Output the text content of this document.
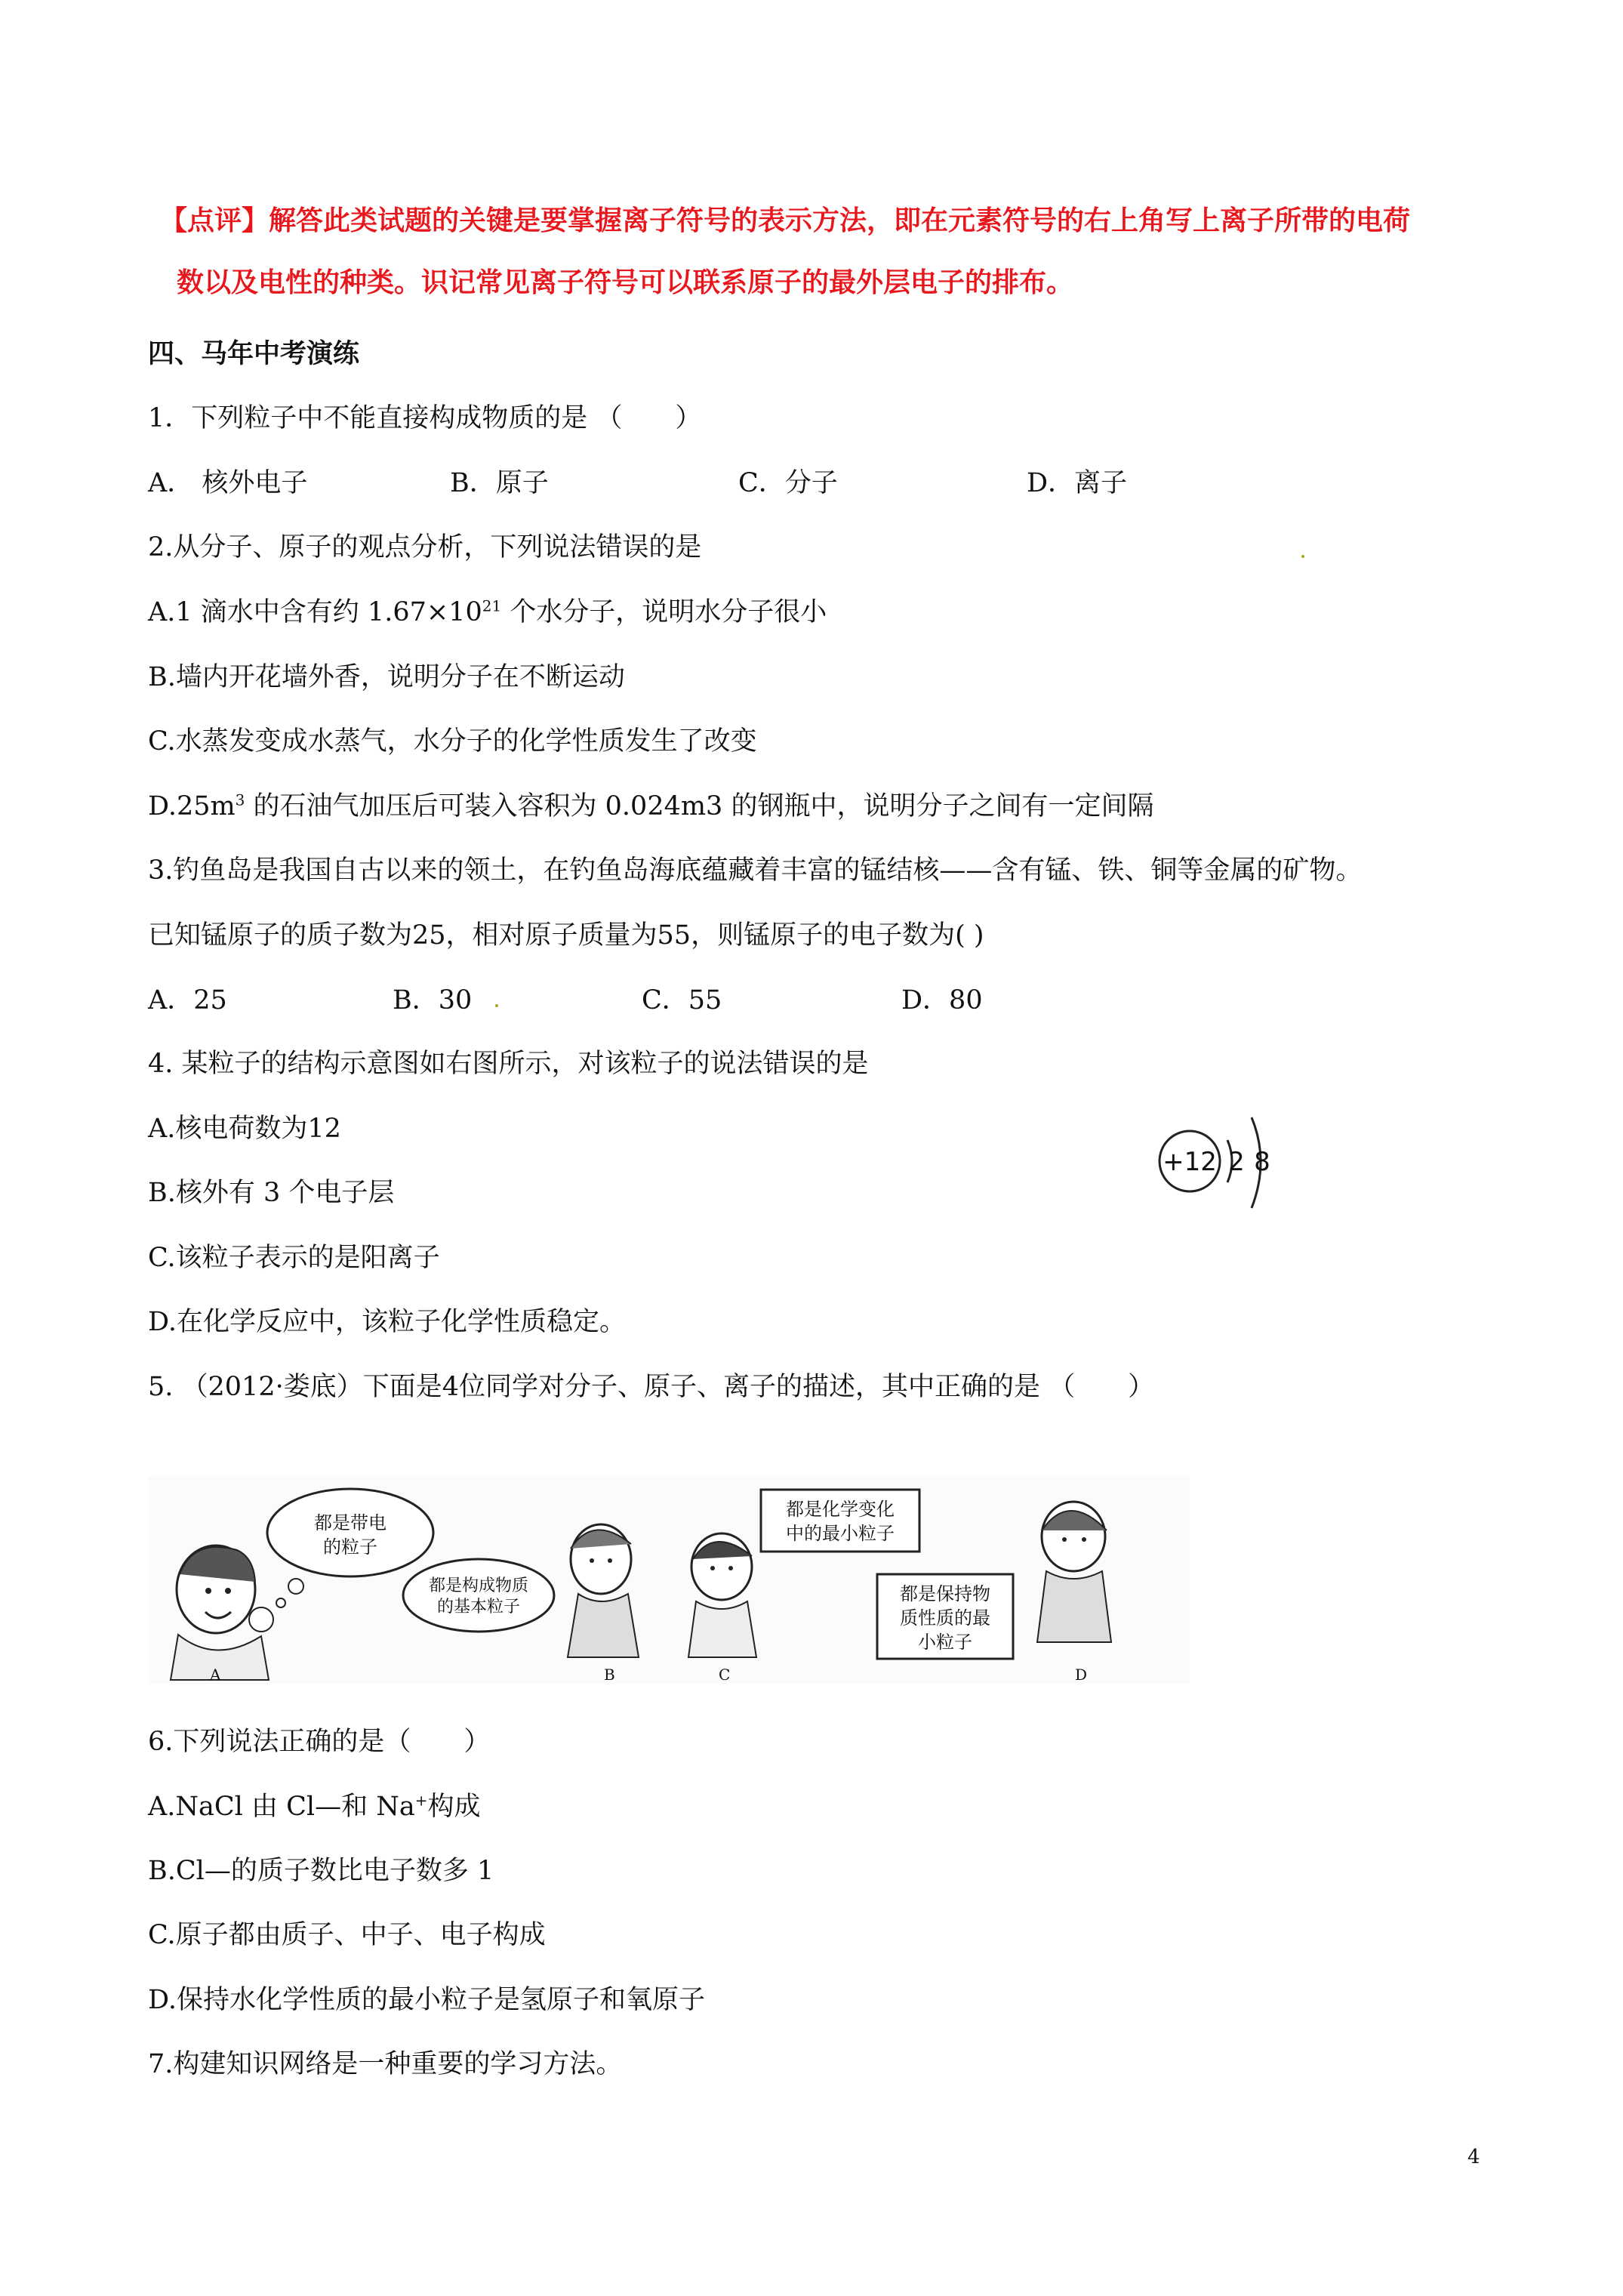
【点评】解答此类试题的关键是要掌握离子符号的表示方法，即在元素符号的右上角写上离子所带的电荷
数以及电性的种类。识记常见离子符号可以联系原子的最外层电子的排布。
四、马年中考演练
1．下列粒子中不能直接构成物质的是 （　　）
A． 核外电子	B．原子	C．分子	D．离子
2.从分子、原子的观点分析，下列说法错误的是
A.1 滴水中含有约 $1.67\times 10^{21}$ 个水分子，说明水分子很小
B.墙内开花墙外香，说明分子在不断运动
C.水蒸发变成水蒸气，水分子的化学性质发生了改变
$D.25m^3$ 的石油气加压后可装入容积为 0.024m3 的钢瓶中，说明分子之间有一定间隔
3.钓鱼岛是我国自古以来的领土，在钓鱼岛海底蕴藏着丰富的锰结核——含有锰、铁、铜等金属的矿物。
已知锰原子的质子数为25，相对原子质量为55，则锰原子的电子数为( )
A．25	B．30	C．55	D．80
4. 某粒子的结构示意图如右图所示，对该粒子的说法错误的是
A.核电荷数为12
B.核外有 3 个电子层
C.该粒子表示的是阳离子
D.在化学反应中，该粒子化学性质稳定。
+12 2 8
5. （2012·娄底）下面是4位同学对分子、原子、离子的描述，其中正确的是 （　　）
都是带电
的粒子
都是构成物质
的基本粒子
都是化学变化
中的最小粒子
都是保持物
质性质的最
小粒子
A	B	C	D
6.下列说法正确的是（　　）
A.NaCl 由 Cl—和 Na+构成
B.Cl—的质子数比电子数多 1
C.原子都由质子、中子、电子构成
D.保持水化学性质的最小粒子是氢原子和氧原子
7.构建知识网络是一种重要的学习方法。
4
